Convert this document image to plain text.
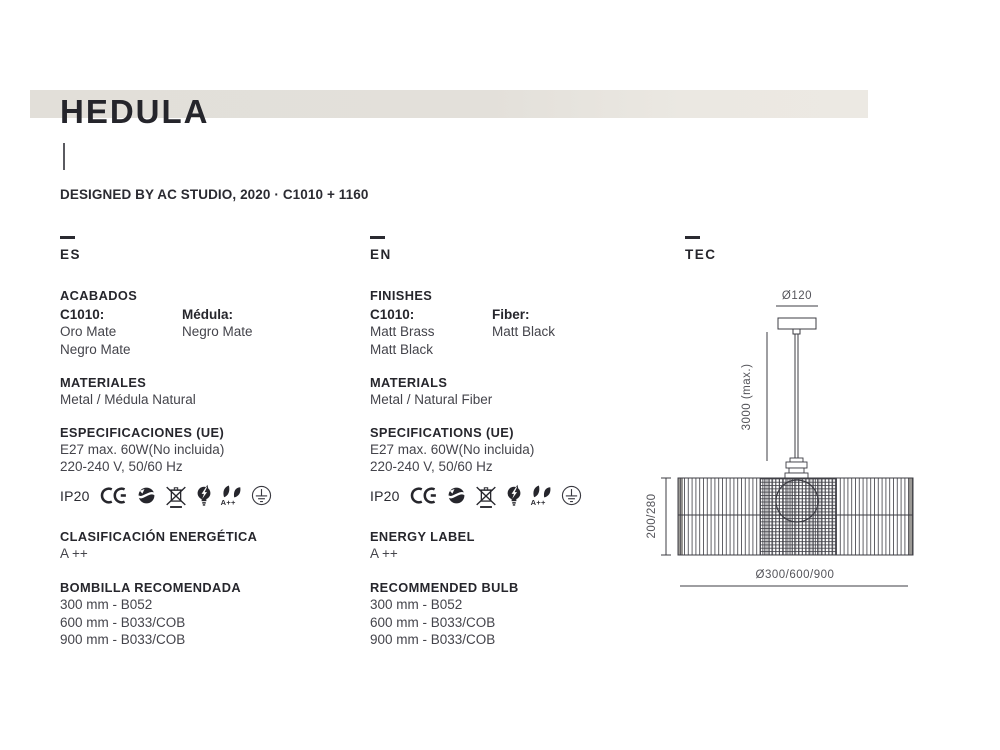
HEDULA

DESIGNED BY AC STUDIO, 2020 · C1010 + 1160

ES
ACABADOS

C1010:

Oro Mate

Negro Mate

Médula:

Negro Mate

MATERIALES

Metal / Médula Natural

ESPECIFICACIONES (UE)

E27 max. 60W(No incluida)

220-240 V, 50/60 Hz

IP20	A++
CLASIFICACIÓN ENERGÉTICA

A ++

BOMBILLA RECOMENDADA

300 mm - B052

600 mm - B033/COB

900 mm - B033/COB

EN
FINISHES

C1010:

Matt Brass

Matt Black

Fiber:

Matt Black

MATERIALS

Metal / Natural Fiber

SPECIFICATIONS (UE)

E27 max. 60W(No incluida)

220-240 V, 50/60 Hz

IP20	A++
ENERGY LABEL

A ++

RECOMMENDED BULB

300 mm - B052

600 mm - B033/COB

900 mm - B033/COB

TEC
Ø120
3000 (max.)
200/280
Ø300/600/900
